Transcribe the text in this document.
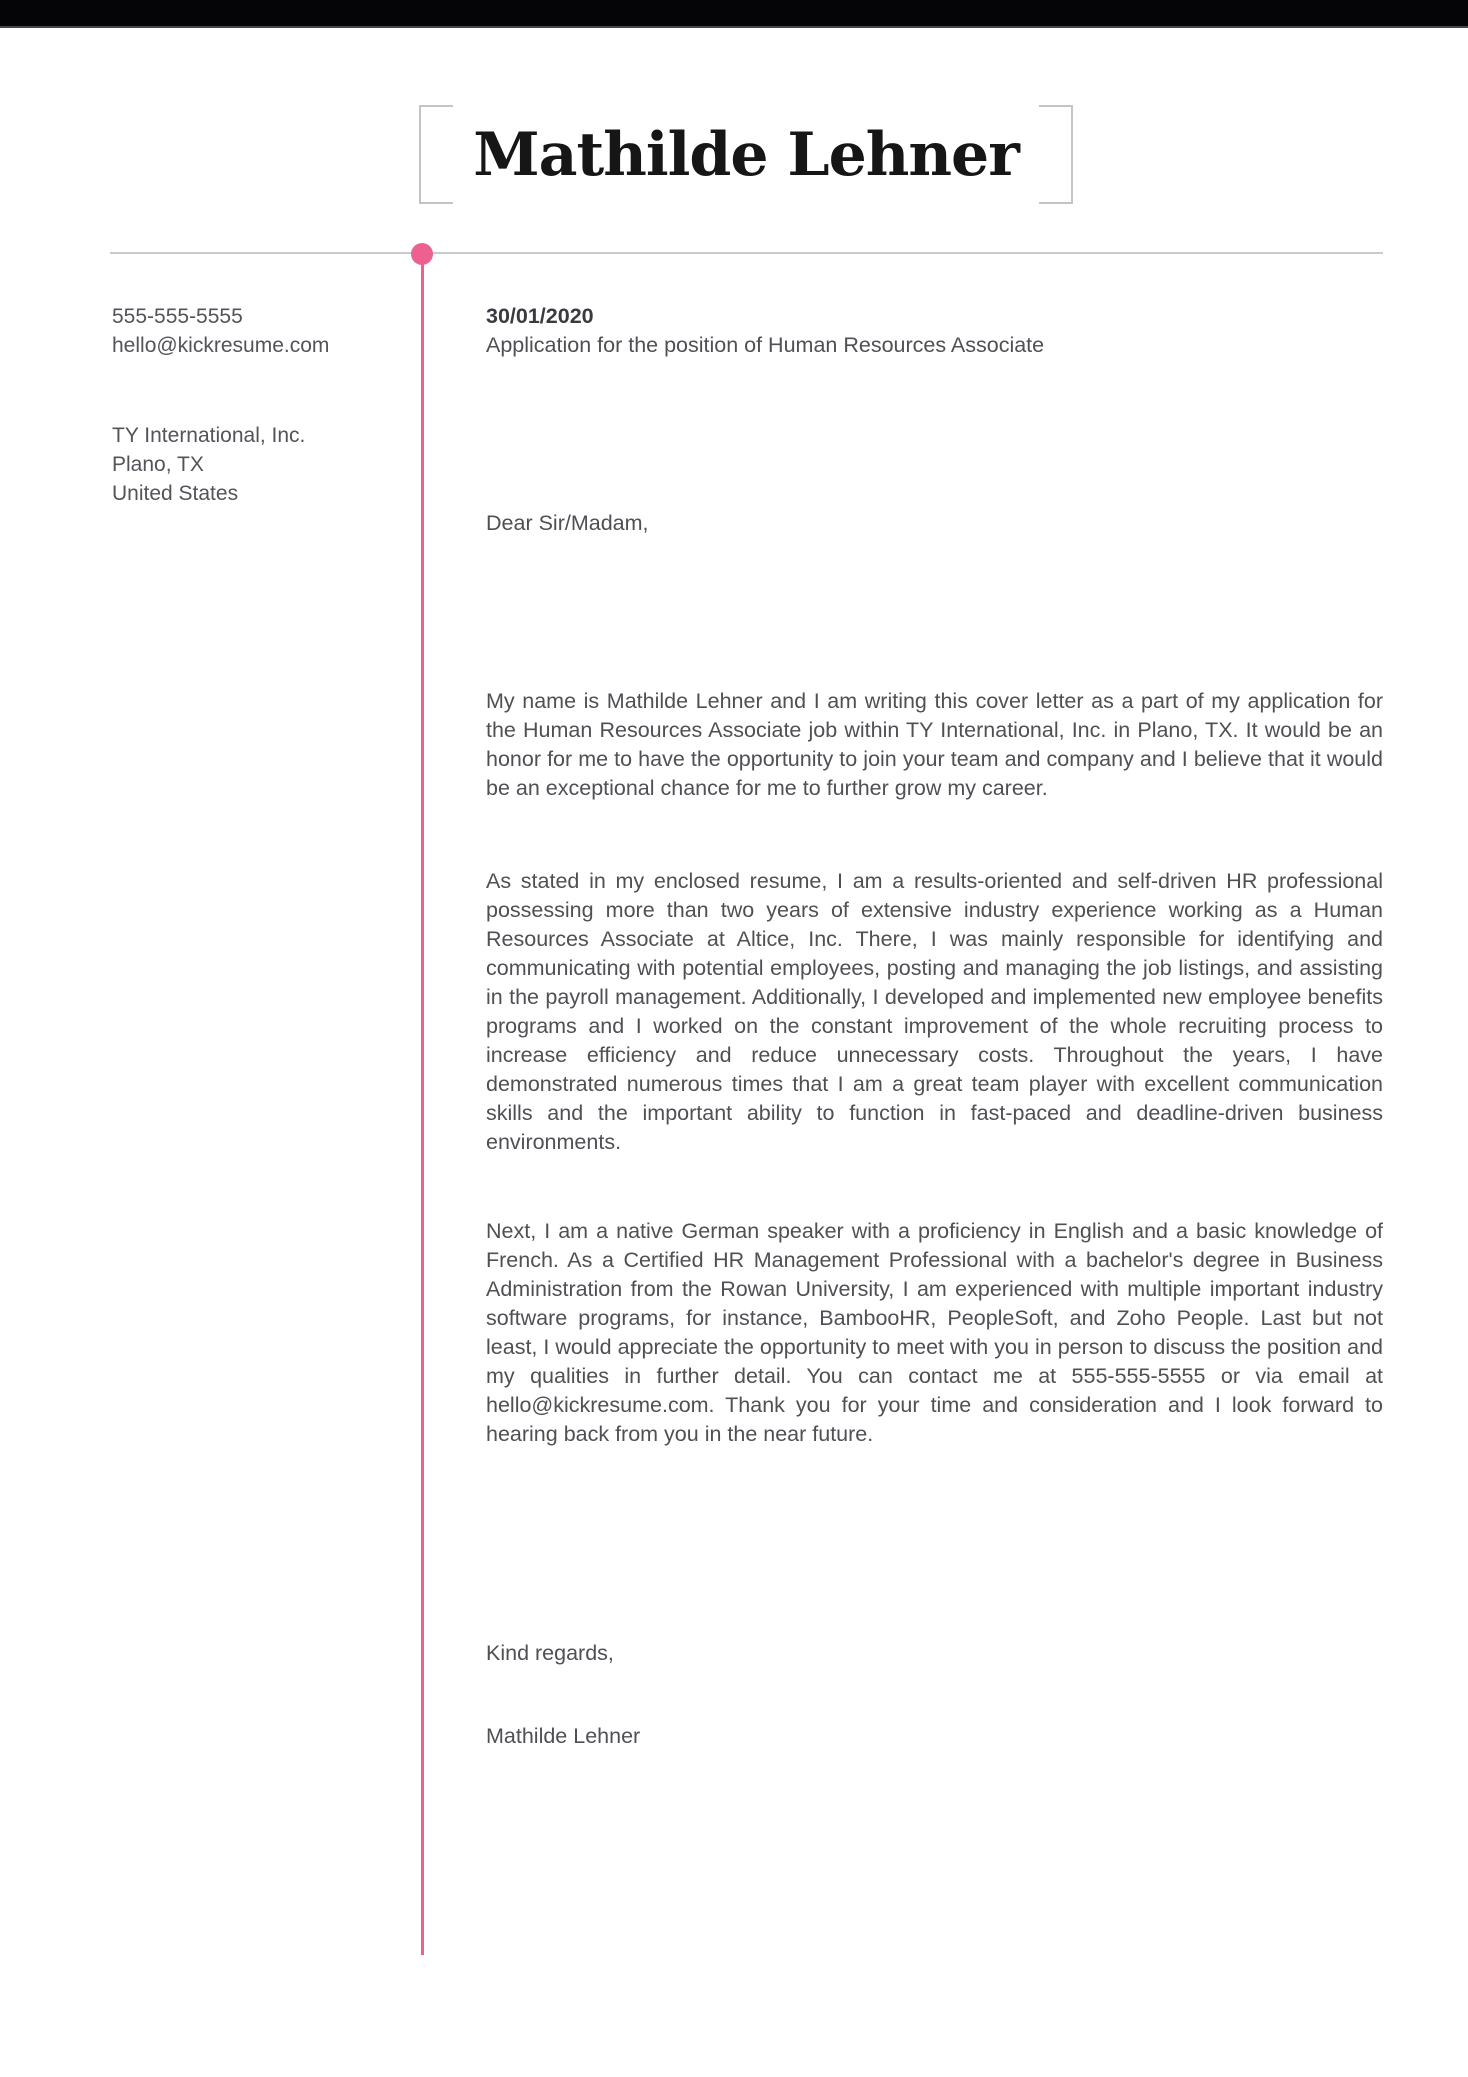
Mathilde Lehner
555-555-5555
hello@kickresume.com
TY International, Inc.
Plano, TX
United States
30/01/2020
Application for the position of Human Resources Associate
Dear Sir/Madam,

My name is Mathilde Lehner and I am writing this cover letter as a part of my application for the Human Resources Associate job within TY International, Inc. in Plano, TX. It would be an honor for me to have the opportunity to join your team and company and I believe that it would be an exceptional chance for me to further grow my career.

As stated in my enclosed resume, I am a results-oriented and self-driven HR professional possessing more than two years of extensive industry experience working as a Human Resources Associate at Altice, Inc. There, I was mainly responsible for identifying and communicating with potential employees, posting and managing the job listings, and assisting in the payroll management. Additionally, I developed and implemented new employee benefits programs and I worked on the constant improvement of the whole recruiting process to increase efficiency and reduce unnecessary costs. Throughout the years, I have demonstrated numerous times that I am a great team player with excellent communication skills and the important ability to function in fast-paced and deadline-driven business environments.

Next, I am a native German speaker with a proficiency in English and a basic knowledge of French. As a Certified HR Management Professional with a bachelor's degree in Business Administration from the Rowan University, I am experienced with multiple important industry software programs, for instance, BambooHR, PeopleSoft, and Zoho People. Last but not least, I would appreciate the opportunity to meet with you in person to discuss the position and my qualities in further detail. You can contact me at 555-555-5555 or via email at hello@kickresume.com. Thank you for your time and consideration and I look forward to hearing back from you in the near future.

Kind regards,
Mathilde Lehner
